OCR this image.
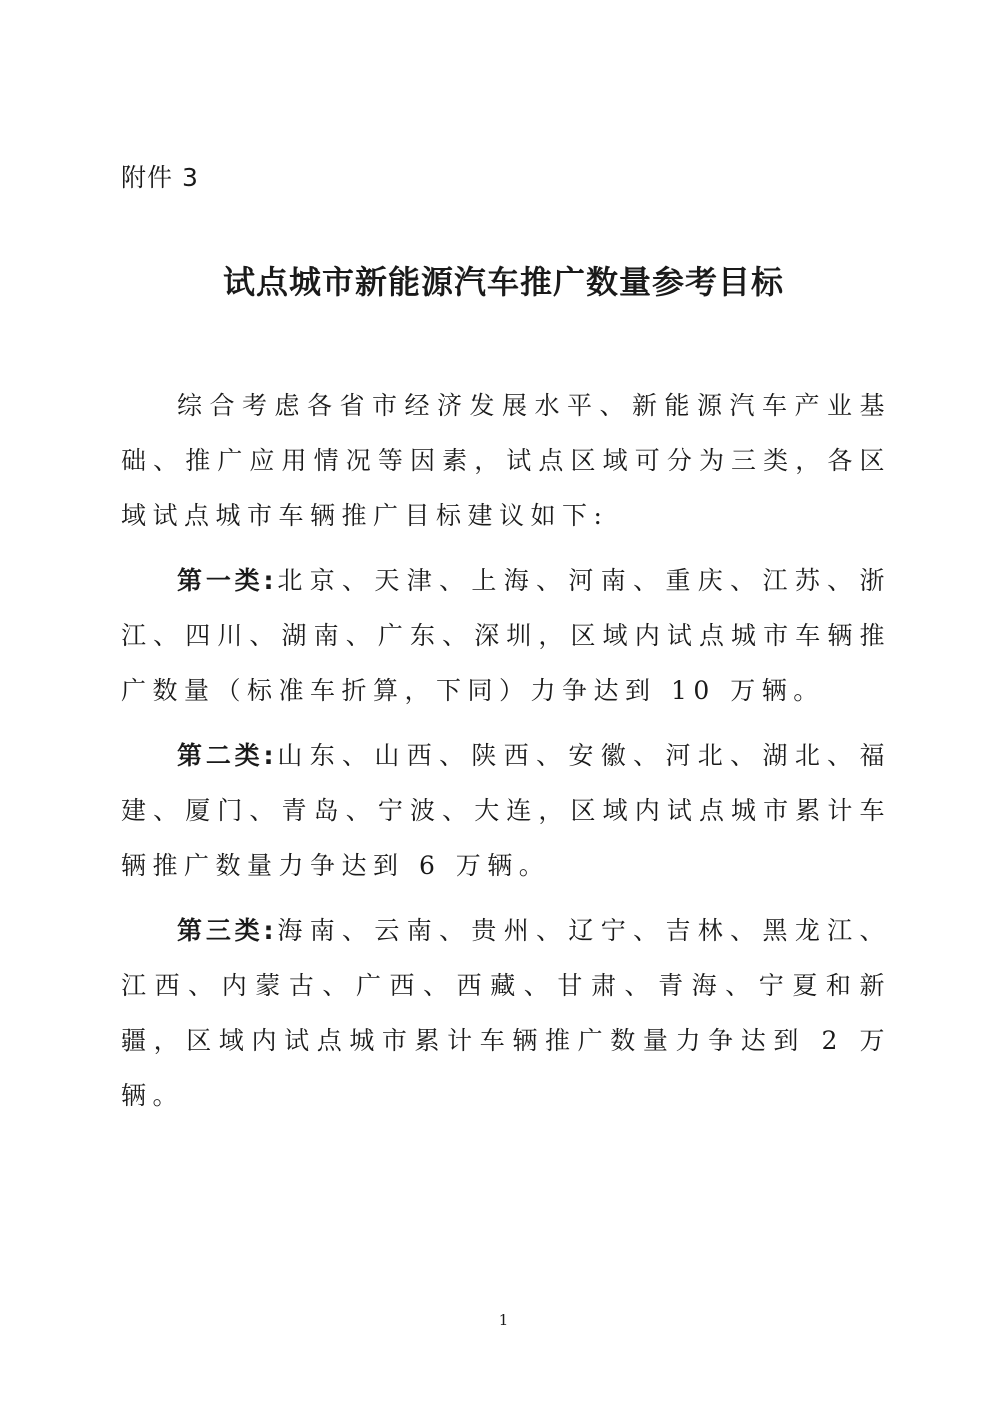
附件 3
试点城市新能源汽车推广数量参考目标

综合考虑各省市经济发展水平、新能源汽车产业基础、推广应用情况等因素，试点区域可分为三类，各区域试点城市车辆推广目标建议如下:

第一类:北京、天津、上海、河南、重庆、江苏、浙江、四川、湖南、广东、深圳，区域内试点城市车辆推广数量（标准车折算，下同）力争达到 10 万辆。

第二类:山东、山西、陕西、安徽、河北、湖北、福建、厦门、青岛、宁波、大连，区域内试点城市累计车辆推广数量力争达到 6 万辆。

第三类:海南、云南、贵州、辽宁、吉林、黑龙江、江西、内蒙古、广西、西藏、甘肃、青海、宁夏和新疆，区域内试点城市累计车辆推广数量力争达到 2 万辆。

1
